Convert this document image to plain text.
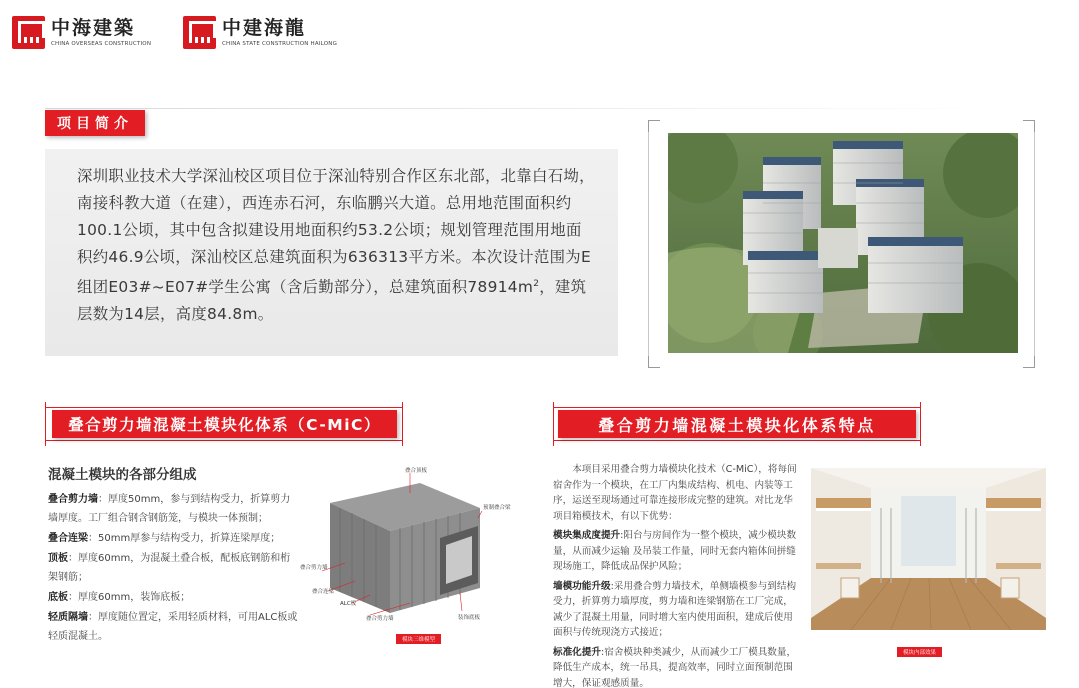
中海建築
CHINA OVERSEAS CONSTRUCTION
中建海龍
CHINA STATE CONSTRUCTION HAILONG
项目简介

深圳职业技术大学深汕校区项目位于深汕特别合作区东北部，北靠白石坳，南接科教大道（在建），西连赤石河，东临鹏兴大道。总用地范围面积约100.1公顷，其中包含拟建设用地面积约53.2公顷；规划管理范围用地面积约46.9公顷，深汕校区总建筑面积为636313平方米。本次设计范围为E组团E03#~E07#学生公寓（含后勤部分），总建筑面积$78914m^2$，建筑层数为14层，高度84.8m。

叠合剪力墙混凝土模块化体系（C-MiC）	叠合剪力墙混凝土模块化体系特点
混凝土模块的各部分组成
叠合剪力墙：厚度50mm，参与到结构受力，折算剪力墙厚度。工厂组合钢含钢筋笼，与模块一体预制；
叠合连梁：50mm厚参与结构受力，折算连梁厚度；
顶板：厚度60mm，为混凝土叠合板，配板底钢筋和桁架钢筋；
底板：厚度60mm，装饰底板；
轻质隔墙：厚度随位置定，采用轻质材料，可用ALC板或轻质混凝土。
叠合顶板
预制叠合梁
叠合剪力墙
叠合连梁
ALC板
叠合剪力墙	装饰底板
模块三维模型

本项目采用叠合剪力墙模块化技术（C-MiC），将每间宿舍作为一个模块，在工厂内集成结构、机电、内装等工序，运送至现场通过可靠连接形成完整的建筑。对比龙华项目箱模技术，有以下优势：

模块集成度提升:阳台与房间作为一整个模块，减少模块数量，从而减少运输 及吊装工作量，同时无套内箱体间拼缝现场施工，降低成品保护风险；

墙模功能升级:采用叠合剪力墙技术，单侧墙模参与到结构受力，折算剪力墙厚度，剪力墙和连梁钢筋在工厂完成，减少了混凝土用量，同时增大室内使用面积，建成后使用面积与传统现浇方式接近；

标准化提升:宿舍模块种类减少，从而减少工厂模具数量，降低生产成本，统一吊具，提高效率，同时立面预制范围增大，保证观感质量。

模块内部效果
